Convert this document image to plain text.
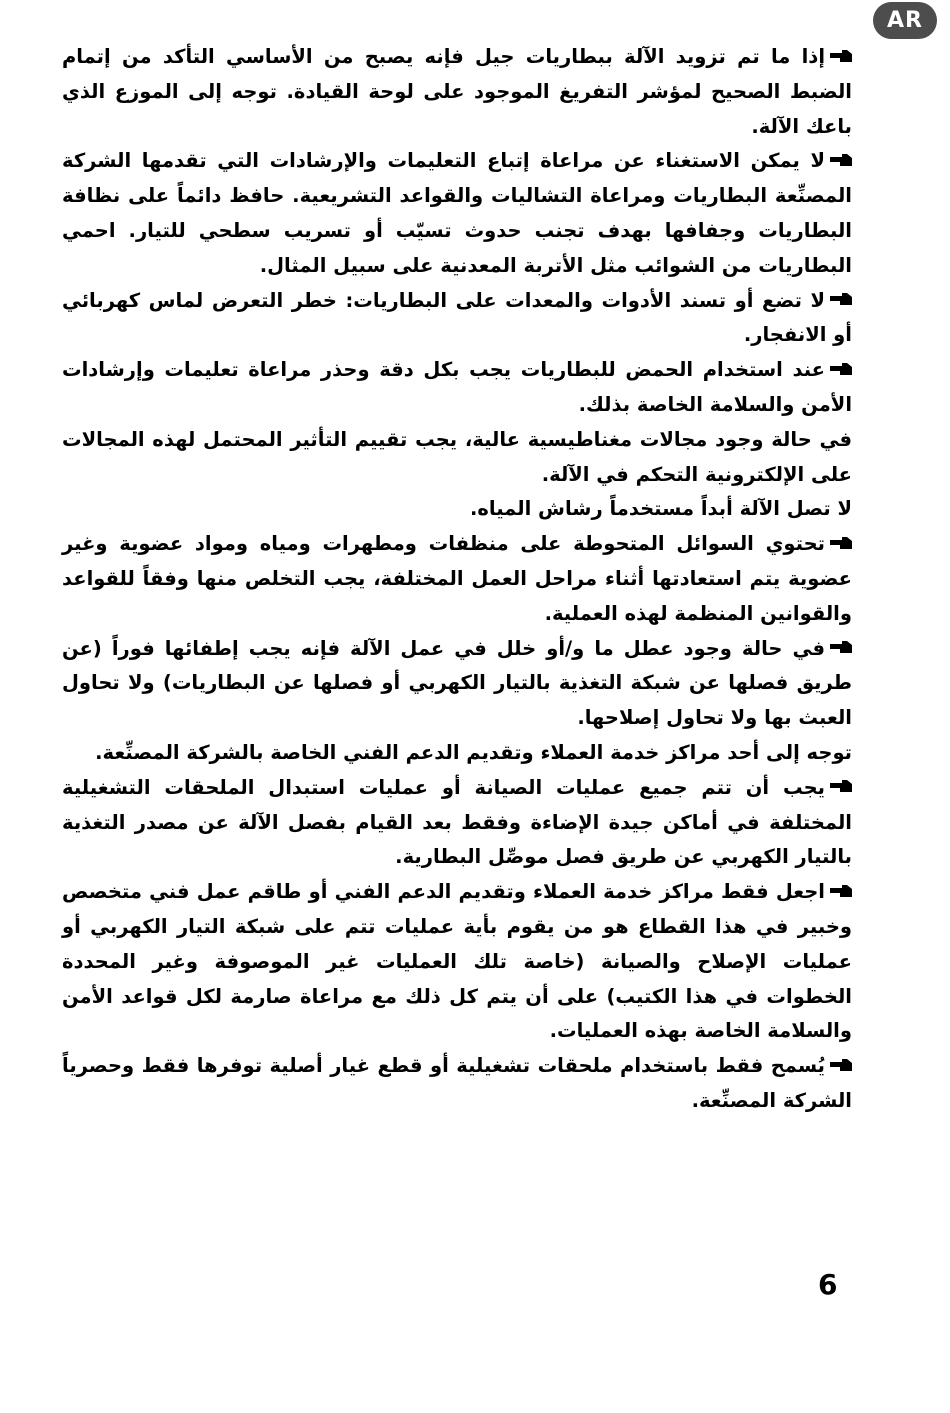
AR

إذا ما تم تزويد الآلة ببطاريات جيل فإنه يصبح من الأساسي التأكد من إتمام الضبط الصحيح لمؤشر التفريغ الموجود على لوحة القيادة. توجه إلى الموزع الذي باعك الآلة.

لا يمكن الاستغناء عن مراعاة إتباع التعليمات والإرشادات التي تقدمها الشركة المصنِّعة البطاريات ومراعاة التشاليات والقواعد التشريعية. حافظ دائماً على نظافة البطاريات وجفافها بهدف تجنب حدوث تسيّب أو تسريب سطحي للتيار. احمي البطاريات من الشوائب مثل الأتربة المعدنية على سبيل المثال.

لا تضع أو تسند الأدوات والمعدات على البطاريات: خطر التعرض لماس كهربائي أو الانفجار.

عند استخدام الحمض للبطاريات يجب بكل دقة وحذر مراعاة تعليمات وإرشادات الأمن والسلامة الخاصة بذلك.

في حالة وجود مجالات مغناطيسية عالية، يجب تقييم التأثير المحتمل لهذه المجالات على الإلكترونية التحكم في الآلة.

لا تصل الآلة أبداً مستخدماً رشاش المياه.

تحتوي السوائل المتحوطة على منظفات ومطهرات ومياه ومواد عضوية وغير عضوية يتم استعادتها أثناء مراحل العمل المختلفة، يجب التخلص منها وفقاً للقواعد والقوانين المنظمة لهذه العملية.

في حالة وجود عطل ما و/أو خلل في عمل الآلة فإنه يجب إطفائها فوراً (عن طريق فصلها عن شبكة التغذية بالتيار الكهربي أو فصلها عن البطاريات) ولا تحاول العبث بها ولا تحاول إصلاحها.

توجه إلى أحد مراكز خدمة العملاء وتقديم الدعم الفني الخاصة بالشركة المصنِّعة.

يجب أن تتم جميع عمليات الصيانة أو عمليات استبدال الملحقات التشغيلية المختلفة في أماكن جيدة الإضاءة وفقط بعد القيام بفصل الآلة عن مصدر التغذية بالتيار الكهربي عن طريق فصل موصِّل البطارية.

اجعل فقط مراكز خدمة العملاء وتقديم الدعم الفني أو طاقم عمل فني متخصص وخبير في هذا القطاع هو من يقوم بأية عمليات تتم على شبكة التيار الكهربي أو عمليات الإصلاح والصيانة (خاصة تلك العمليات غير الموصوفة وغير المحددة الخطوات في هذا الكتيب) على أن يتم كل ذلك مع مراعاة صارمة لكل قواعد الأمن والسلامة الخاصة بهذه العمليات.

يُسمح فقط باستخدام ملحقات تشغيلية أو قطع غيار أصلية توفرها فقط وحصرياً الشركة المصنِّعة.

6
